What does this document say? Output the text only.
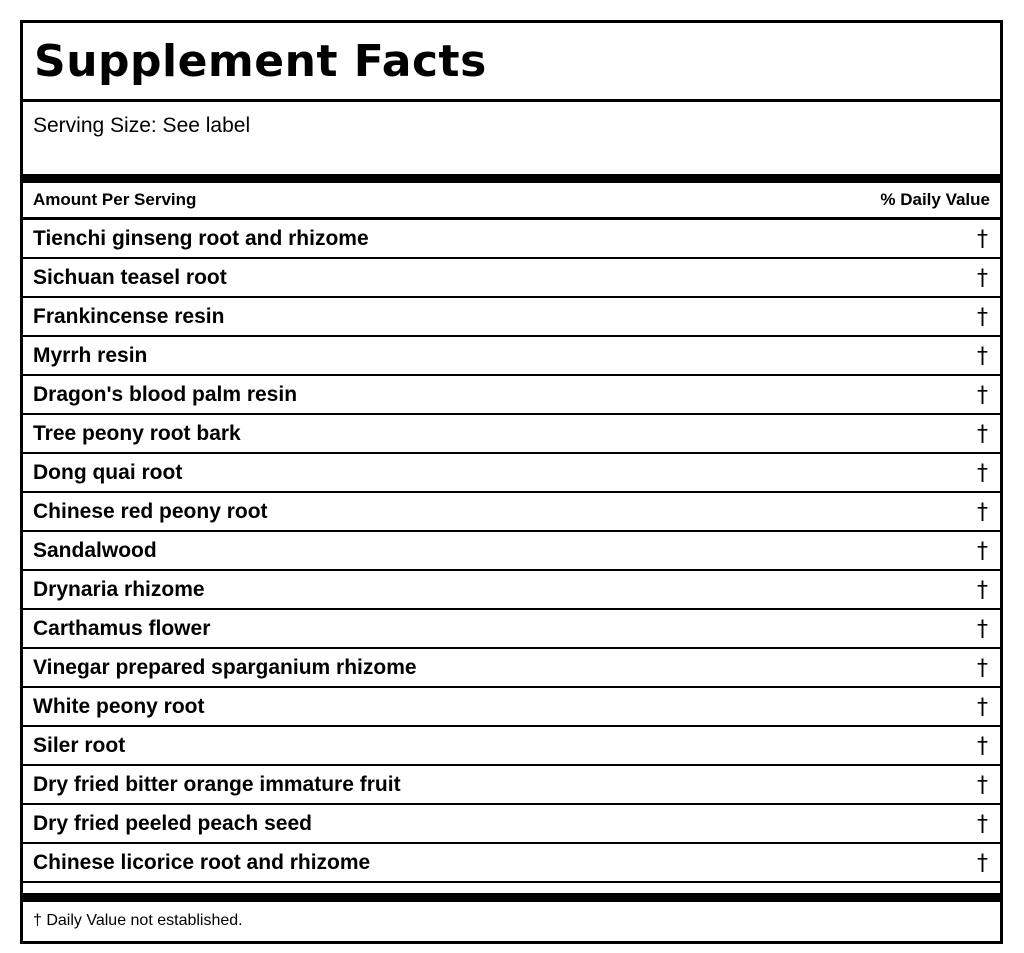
Supplement Facts
Serving Size: See label
Amount Per Serving	% Daily Value
Tienchi ginseng root and rhizome	†
Sichuan teasel root	†
Frankincense resin	†
Myrrh resin	†
Dragon's blood palm resin	†
Tree peony root bark	†
Dong quai root	†
Chinese red peony root	†
Sandalwood	†
Drynaria rhizome	†
Carthamus flower	†
Vinegar prepared sparganium rhizome	†
White peony root	†
Siler root	†
Dry fried bitter orange immature fruit	†
Dry fried peeled peach seed	†
Chinese licorice root and rhizome	†
† Daily Value not established.
